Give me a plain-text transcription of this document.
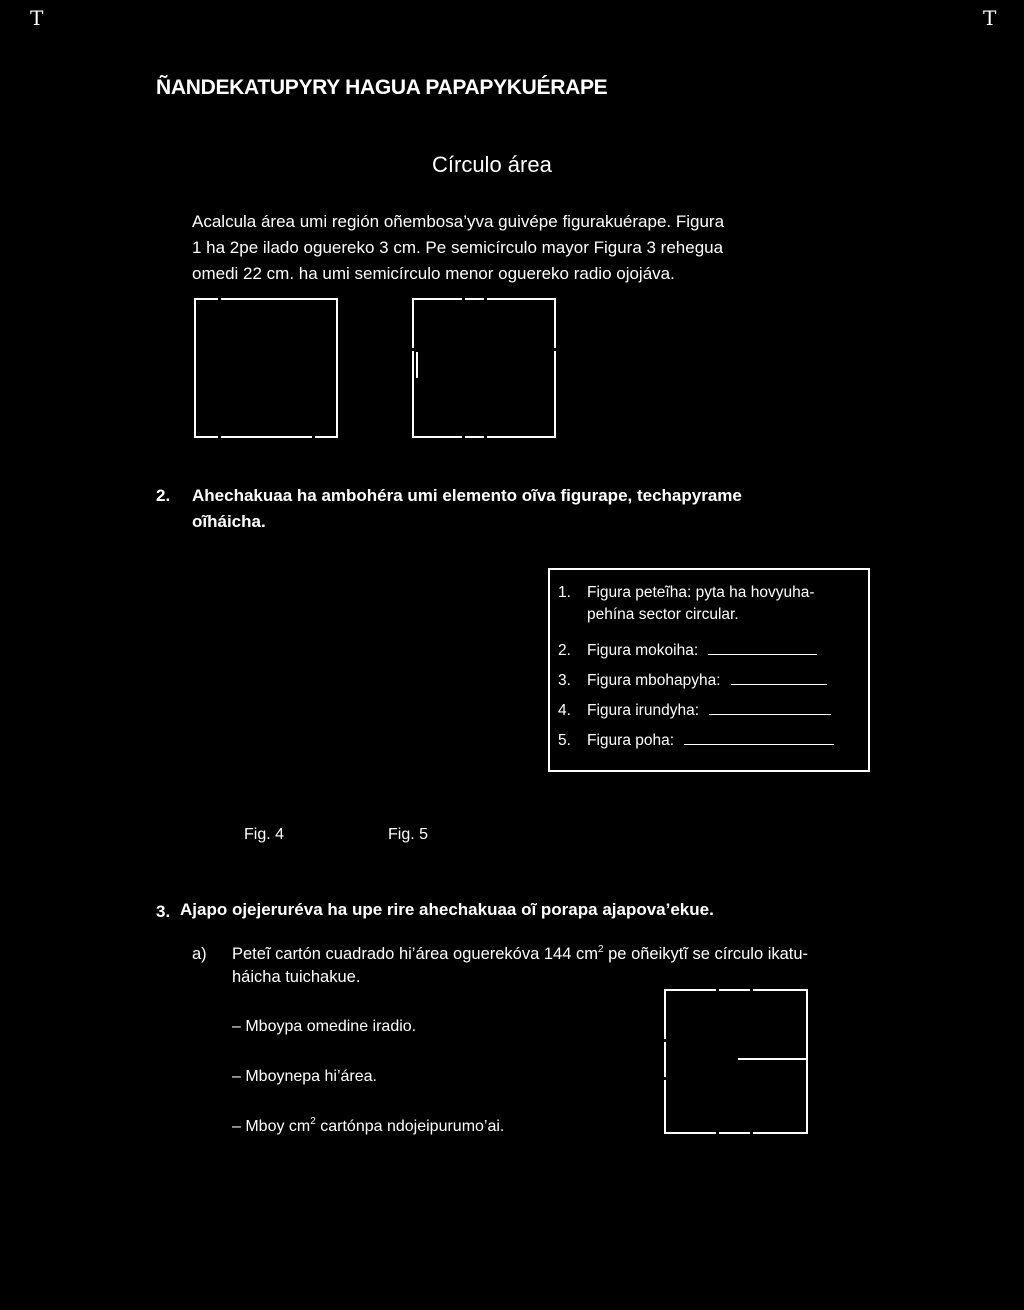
T	T
ÑANDEKATUPYRY HAGUA PAPAPYKUÉRAPE
Círculo área
Acalcula área umi región oñembosa’yva guivépe figurakuérape. Figura
1 ha 2pe ilado oguereko 3 cm. Pe semicírculo mayor Figura 3 rehegua
omedi 22 cm. ha umi semicírculo menor oguereko radio ojojáva.
2. Ahechakuaa ha ambohéra umi elemento oĩva figurape, techapyrame
oĩháicha.
1. Figura peteĩha: pyta ha hovyuha-
pehína sector circular.
2. Figura mokoiha:
3. Figura mbohapyha:
4. Figura irundyha:
5. Figura poha:
Fig. 4	Fig. 5
3. Ajapo ojejeruréva ha upe rire ahechakuaa oĩ porapa ajapova’ekue.
a) Peteĩ cartón cuadrado hi’área oguerekóva 144 $cm^2$ pe oñeikytĩ se círculo ikatu-
háicha tuichakue.
– Mboypa omedine iradio.
– Mboynepa hi’área.
– Mboy $cm^2$ cartónpa ndojeipurumo’ai.
